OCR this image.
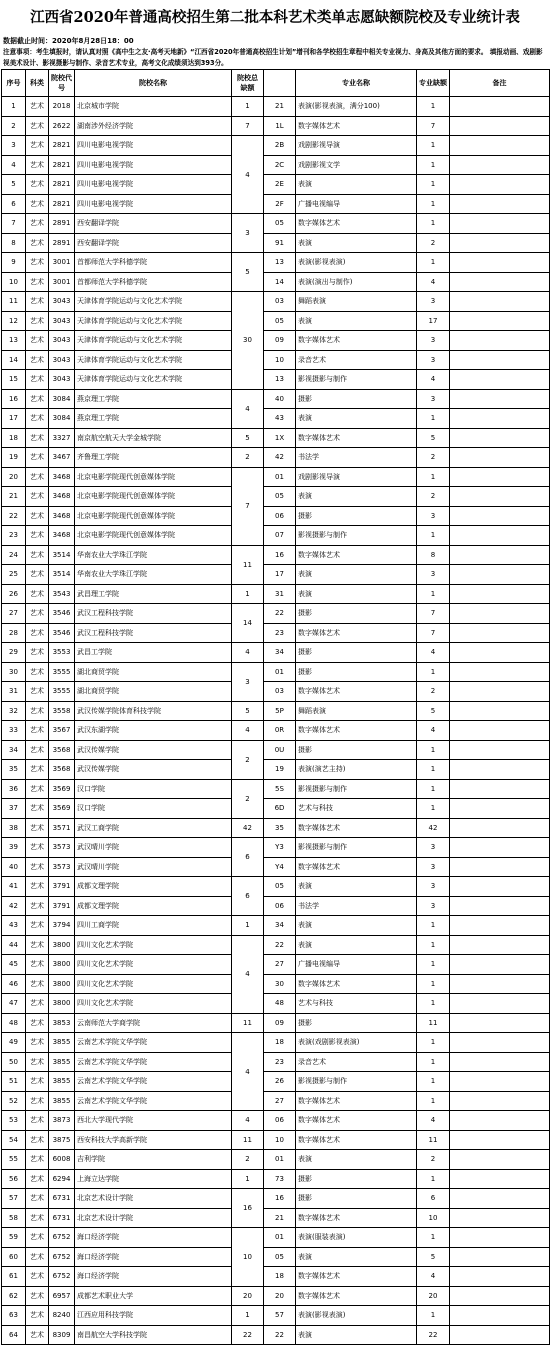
江西省2020年普通高校招生第二批本科艺术类单志愿缺额院校及专业统计表
数据截止时间：2020年8月28日18：00
注意事项：考生填报时，请认真对照《高中生之友·高考天地新》“江西省2020年普通高校招生计划”增刊和各学校招生章程中相关专业视力、身高及其他方面的要求。 填报动画、戏剧影视美术设计、影视摄影与制作、录音艺术专业，高考文化成绩须达到393分。
序号	科类	院校代号	院校名称	院校总缺额		专业名称	专业缺额	备注
1	艺术	2018	北京城市学院	1	21	表演(影视表演，满分100)	1	
2	艺术	2622	湖南涉外经济学院	7	1L	数字媒体艺术	7	
3	艺术	2821	四川电影电视学院	4	2B	戏剧影视导演	1	
4	艺术	2821	四川电影电视学院		2C	戏剧影视文学	1	
5	艺术	2821	四川电影电视学院		2E	表演	1	
6	艺术	2821	四川电影电视学院		2F	广播电视编导	1	
7	艺术	2891	西安翻译学院	3	05	数字媒体艺术	1	
8	艺术	2891	西安翻译学院		91	表演	2	
9	艺术	3001	首都师范大学科德学院	5	13	表演(影视表演)	1	
10	艺术	3001	首都师范大学科德学院		14	表演(演出与制作)	4	
11	艺术	3043	天津体育学院运动与文化艺术学院	30	03	舞蹈表演	3	
12	艺术	3043	天津体育学院运动与文化艺术学院		05	表演	17	
13	艺术	3043	天津体育学院运动与文化艺术学院		09	数字媒体艺术	3	
14	艺术	3043	天津体育学院运动与文化艺术学院		10	录音艺术	3	
15	艺术	3043	天津体育学院运动与文化艺术学院		13	影视摄影与制作	4	
16	艺术	3084	燕京理工学院	4	40	摄影	3	
17	艺术	3084	燕京理工学院		43	表演	1	
18	艺术	3327	南京航空航天大学金城学院	5	1X	数字媒体艺术	5	
19	艺术	3467	齐鲁理工学院	2	42	书法学	2	
20	艺术	3468	北京电影学院现代创意媒体学院	7	01	戏剧影视导演	1	
21	艺术	3468	北京电影学院现代创意媒体学院		05	表演	2	
22	艺术	3468	北京电影学院现代创意媒体学院		06	摄影	3	
23	艺术	3468	北京电影学院现代创意媒体学院		07	影视摄影与制作	1	
24	艺术	3514	华南农业大学珠江学院	11	16	数字媒体艺术	8	
25	艺术	3514	华南农业大学珠江学院		17	表演	3	
26	艺术	3543	武昌理工学院	1	31	表演	1	
27	艺术	3546	武汉工程科技学院	14	22	摄影	7	
28	艺术	3546	武汉工程科技学院		23	数字媒体艺术	7	
29	艺术	3553	武昌工学院	4	34	摄影	4	
30	艺术	3555	湖北商贸学院	3	01	摄影	1	
31	艺术	3555	湖北商贸学院		03	数字媒体艺术	2	
32	艺术	3558	武汉传媒学院体育科技学院	5	5P	舞蹈表演	5	
33	艺术	3567	武汉东湖学院	4	0R	数字媒体艺术	4	
34	艺术	3568	武汉传媒学院	2	0U	摄影	1	
35	艺术	3568	武汉传媒学院		19	表演(演艺主持)	1	
36	艺术	3569	汉口学院	2	5S	影视摄影与制作	1	
37	艺术	3569	汉口学院		6D	艺术与科技	1	
38	艺术	3571	武汉工商学院	42	35	数字媒体艺术	42	
39	艺术	3573	武汉晴川学院	6	Y3	影视摄影与制作	3	
40	艺术	3573	武汉晴川学院		Y4	数字媒体艺术	3	
41	艺术	3791	成都文理学院	6	05	表演	3	
42	艺术	3791	成都文理学院		06	书法学	3	
43	艺术	3794	四川工商学院	1	34	表演	1	
44	艺术	3800	四川文化艺术学院	4	22	表演	1	
45	艺术	3800	四川文化艺术学院		27	广播电视编导	1	
46	艺术	3800	四川文化艺术学院		30	数字媒体艺术	1	
47	艺术	3800	四川文化艺术学院		48	艺术与科技	1	
48	艺术	3853	云南师范大学商学院	11	09	摄影	11	
49	艺术	3855	云南艺术学院文华学院	4	18	表演(戏剧影视表演)	1	
50	艺术	3855	云南艺术学院文华学院		23	录音艺术	1	
51	艺术	3855	云南艺术学院文华学院		26	影视摄影与制作	1	
52	艺术	3855	云南艺术学院文华学院		27	数字媒体艺术	1	
53	艺术	3873	西北大学现代学院	4	06	数字媒体艺术	4	
54	艺术	3875	西安科技大学高新学院	11	10	数字媒体艺术	11	
55	艺术	6008	吉利学院	2	01	表演	2	
56	艺术	6294	上海立达学院	1	73	摄影	1	
57	艺术	6731	北京艺术设计学院	16	16	摄影	6	
58	艺术	6731	北京艺术设计学院		21	数字媒体艺术	10	
59	艺术	6752	海口经济学院	10	01	表演(服装表演)	1	
60	艺术	6752	海口经济学院		05	表演	5	
61	艺术	6752	海口经济学院		18	数字媒体艺术	4	
62	艺术	6957	成都艺术职业大学	20	20	数字媒体艺术	20	
63	艺术	8240	江西应用科技学院	1	57	表演(影视表演)	1	
64	艺术	8309	南昌航空大学科技学院	22	22	表演	22	
